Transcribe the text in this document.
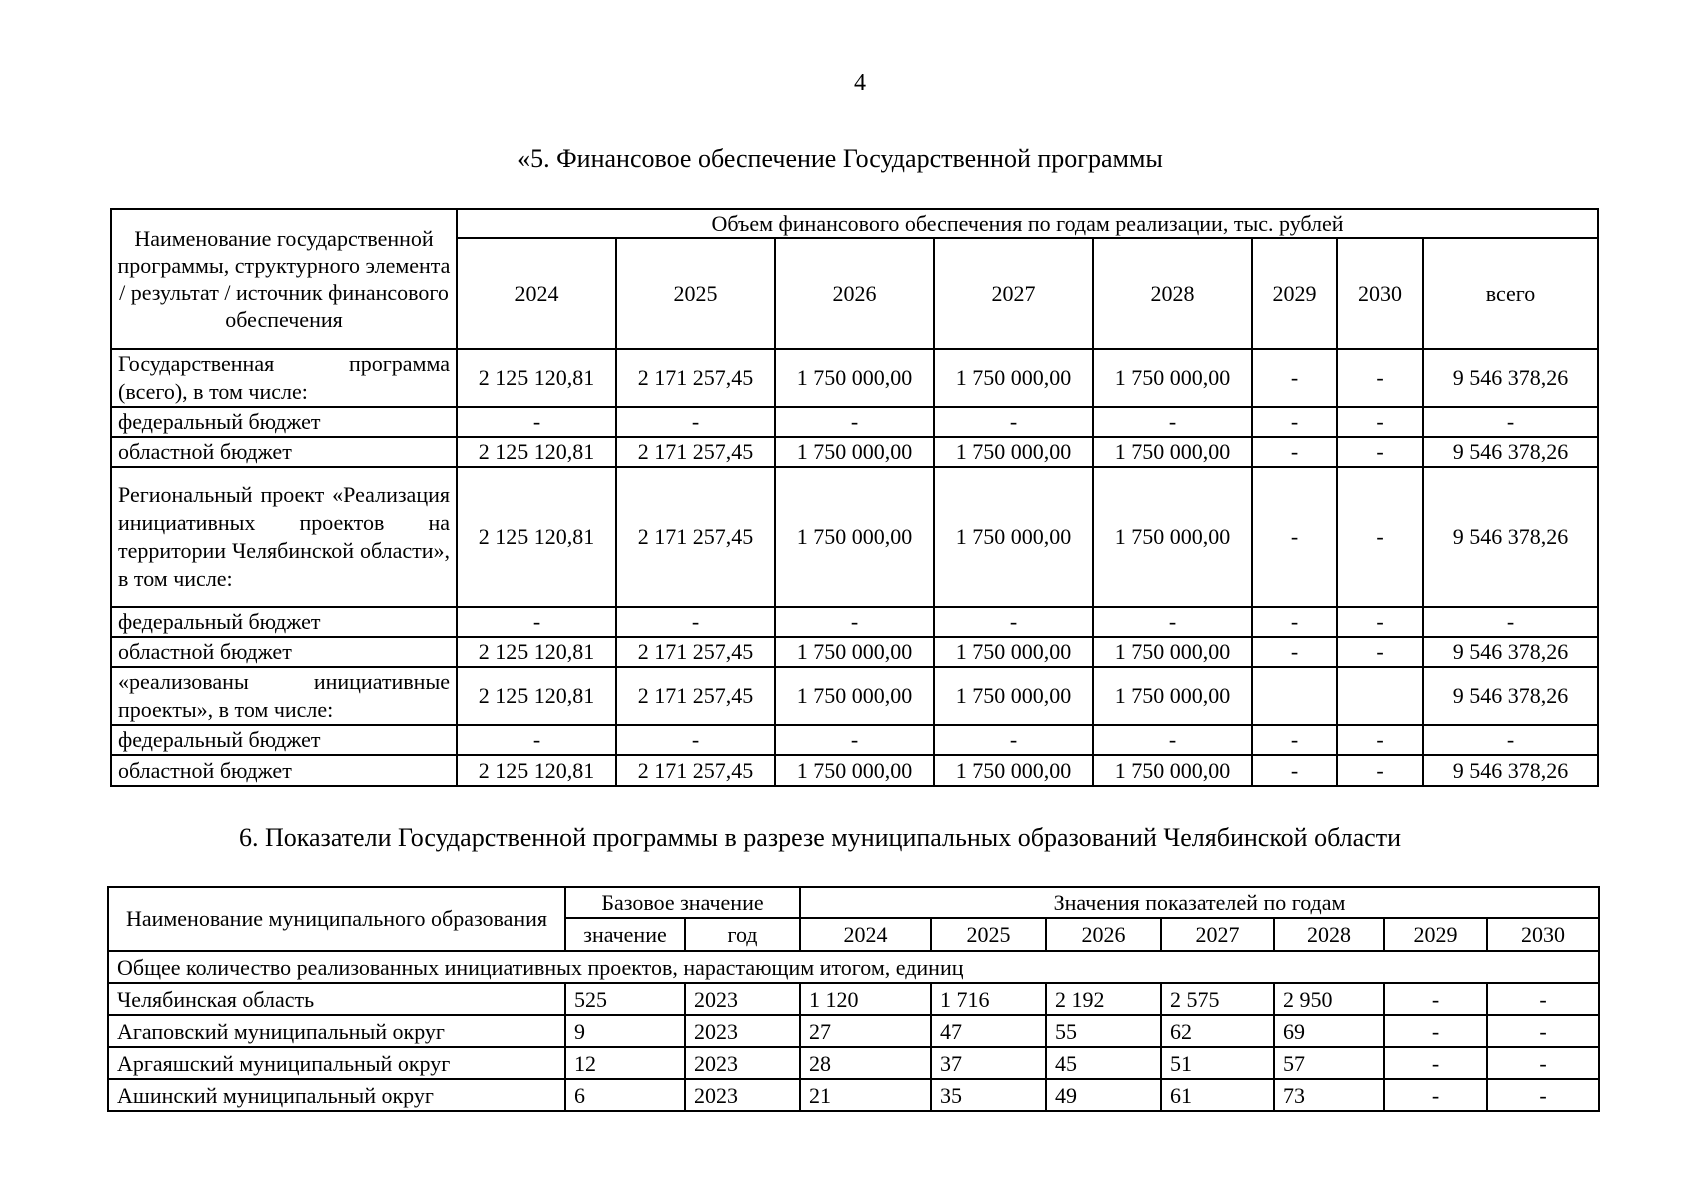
4
«5. Финансовое обеспечение Государственной программы
Наименование государственной программы, структурного элемента / результат / источник финансового обеспечения	Объем финансового обеспечения по годам реализации, тыс. рублей							
	2024	2025	2026	2027	2028	2029	2030	всего
Государственная программа (всего), в том числе:	2 125 120,81	2 171 257,45	1 750 000,00	1 750 000,00	1 750 000,00	-	-	9 546 378,26
федеральный бюджет	-	-	-	-	-	-	-	-
областной бюджет	2 125 120,81	2 171 257,45	1 750 000,00	1 750 000,00	1 750 000,00	-	-	9 546 378,26
Региональный проект «Реализация инициативных проектов на территории Челябинской области», в том числе:	2 125 120,81	2 171 257,45	1 750 000,00	1 750 000,00	1 750 000,00	-	-	9 546 378,26
федеральный бюджет	-	-	-	-	-	-	-	-
областной бюджет	2 125 120,81	2 171 257,45	1 750 000,00	1 750 000,00	1 750 000,00	-	-	9 546 378,26
«реализованы инициативные проекты», в том числе:	2 125 120,81	2 171 257,45	1 750 000,00	1 750 000,00	1 750 000,00			9 546 378,26
федеральный бюджет	-	-	-	-	-	-	-	-
областной бюджет	2 125 120,81	2 171 257,45	1 750 000,00	1 750 000,00	1 750 000,00	-	-	9 546 378,26
6. Показатели Государственной программы в разрезе муниципальных образований Челябинской области
Наименование муниципального образования	Базовое значение		Значения показателей по годам						
	значение	год	2024	2025	2026	2027	2028	2029	2030
Общее количество реализованных инициативных проектов, нарастающим итогом, единиц									
Челябинская область	525	2023	1 120	1 716	2 192	2 575	2 950	-	-
Агаповский муниципальный округ	9	2023	27	47	55	62	69	-	-
Аргаяшский муниципальный округ	12	2023	28	37	45	51	57	-	-
Ашинский муниципальный округ	6	2023	21	35	49	61	73	-	-
